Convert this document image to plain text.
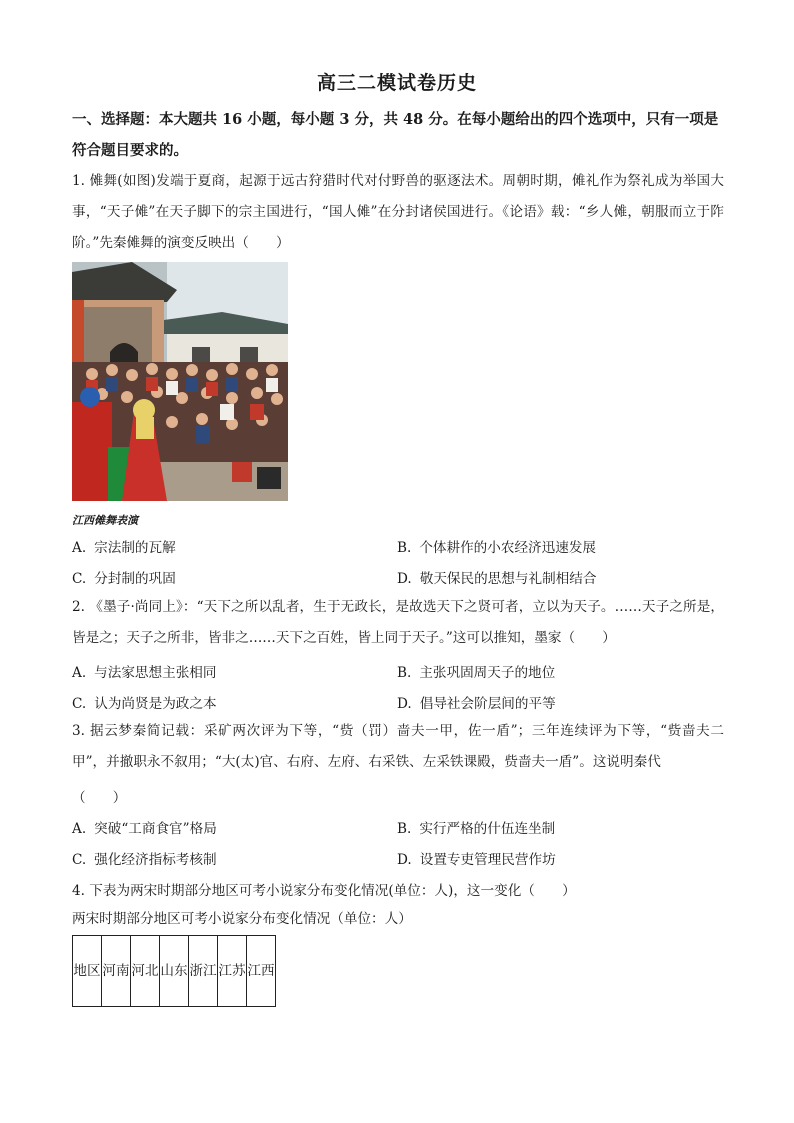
高三二模试卷历史
一、选择题：本大题共 16 小题，每小题 3 分，共 48 分。在每小题给出的四个选项中，只有一项是符合题目要求的。
1. 傩舞(如图)发端于夏商，起源于远古狩猎时代对付野兽的驱逐法术。周朝时期，傩礼作为祭礼成为举国大事，“天子傩”在天子脚下的宗主国进行，“国人傩”在分封诸侯国进行。《论语》载：“乡人傩，朝服而立于阼阶。”先秦傩舞的演变反映出（　　）
江西傩舞表演
A. 宗法制的瓦解	B. 个体耕作的小农经济迅速发展
C. 分封制的巩固	D. 敬天保民的思想与礼制相结合
2. 《墨子·尚同上》：“天下之所以乱者，生于无政长，是故选天下之贤可者，立以为天子。……天子之所是，皆是之；天子之所非，皆非之……天下之百姓，皆上同于天子。”这可以推知，墨家（　　）
A. 与法家思想主张相同	B. 主张巩固周天子的地位
C. 认为尚贤是为政之本	D. 倡导社会阶层间的平等
3. 据云梦秦简记载：采矿两次评为下等，“赀（罚）啬夫一甲，佐一盾”；三年连续评为下等，“赀啬夫二甲”，并撤职永不叙用；“大(太)官、右府、左府、右采铁、左采铁课殿，赀啬夫一盾”。这说明秦代
（　　）
A. 突破“工商食官”格局	B. 实行严格的什伍连坐制
C. 强化经济指标考核制	D. 设置专吏管理民营作坊
4. 下表为两宋时期部分地区可考小说家分布变化情况(单位：人)，这一变化（　　）
两宋时期部分地区可考小说家分布变化情况（单位：人）
地区	河南	河北	山东	浙江	江苏	江西
